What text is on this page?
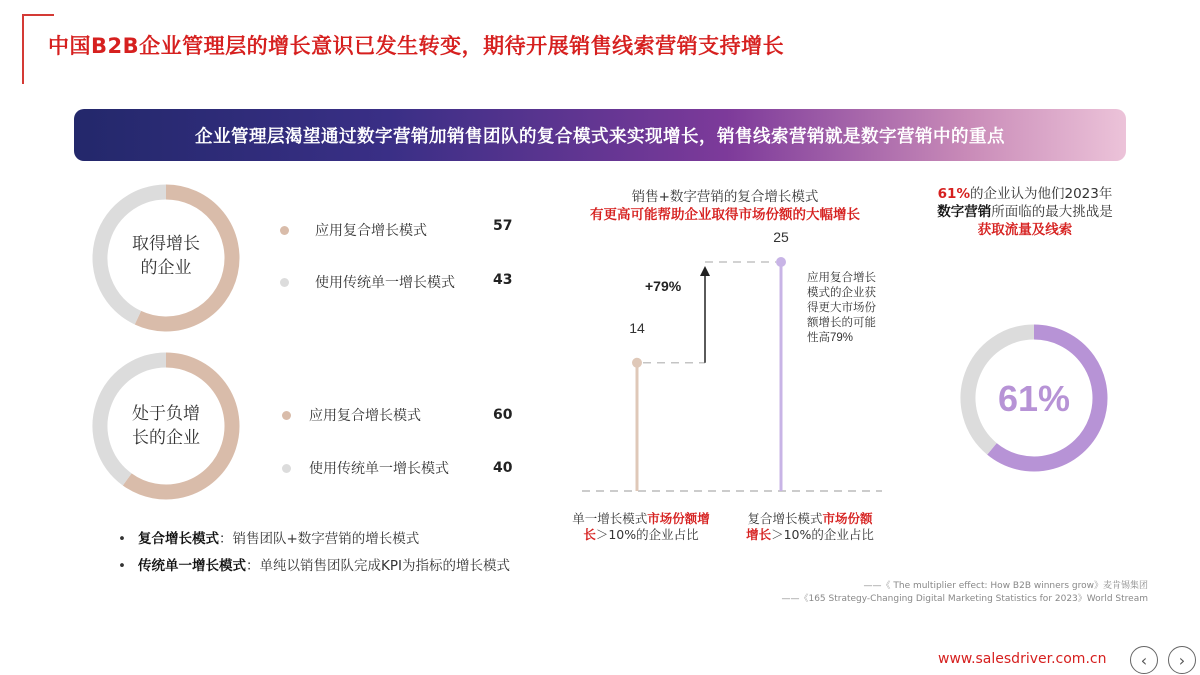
中国B2B企业管理层的增长意识已发生转变，期待开展销售线索营销支持增长
企业管理层渴望通过数字营销加销售团队的复合模式来实现增长，销售线索营销就是数字营销中的重点
取得增长
的企业
应用复合增长模式	57
使用传统单一增长模式	43
处于负增
长的企业
应用复合增长模式	60
使用传统单一增长模式	40
• 复合增长模式：销售团队+数字营销的增长模式
• 传统单一增长模式：单纯以销售团队完成KPI为指标的增长模式
销售+数字营销的复合增长模式
有更高可能帮助企业取得市场份额的大幅增长
14
25
+79%	应用复合增长
模式的企业获
得更大市场份
额增长的可能
性高79%
单一增长模式市场份额增
长＞10%的企业占比
复合增长模式市场份额
增长＞10%的企业占比
61%的企业认为他们2023年
数字营销所面临的最大挑战是
获取流量及线索
61%
——《 The multiplier effect: How B2B winners grow》麦肯锡集团
——《165 Strategy-Changing Digital Marketing Statistics for 2023》World Stream
www.salesdriver.com.cn ‹ ›
